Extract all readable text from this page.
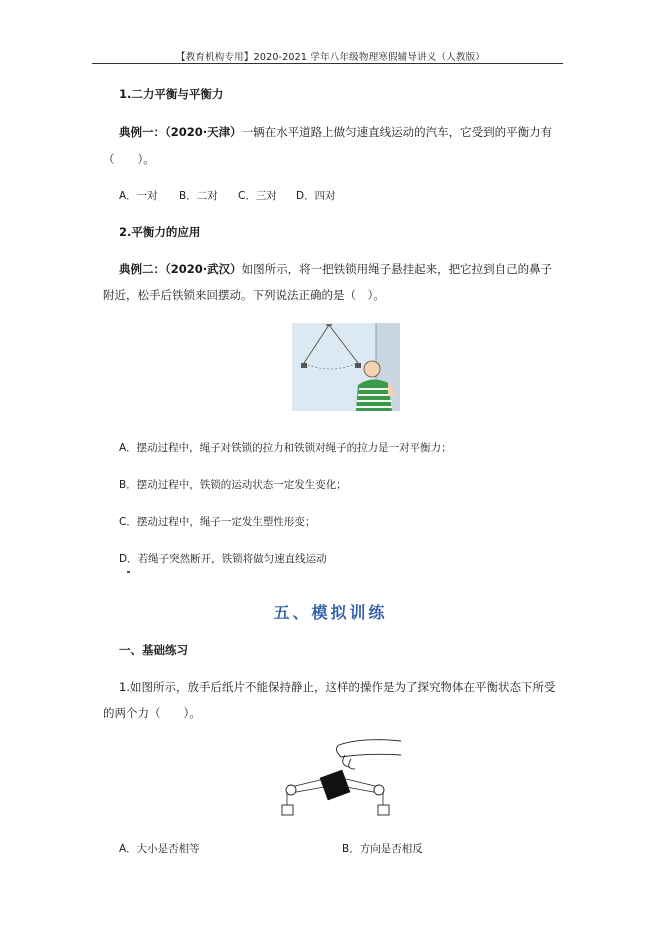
【教育机构专用】2020-2021 学年八年级物理寒假辅导讲义（人教版）
1.二力平衡与平衡力
典例一：（2020·天津）一辆在水平道路上做匀速直线运动的汽车，它受到的平衡力有
（　　）。
A．一对 B．二对 C．三对 D．四对
2.平衡力的应用
典例二：（2020·武汉）如图所示，将一把铁锁用绳子悬挂起来，把它拉到自己的鼻子
附近，松手后铁锁来回摆动。下列说法正确的是（　）。
A．摆动过程中，绳子对铁锁的拉力和铁锁对绳子的拉力是一对平衡力；
B．摆动过程中，铁锁的运动状态一定发生变化；
C．摆动过程中，绳子一定发生塑性形变；
D．若绳子突然断开，铁锁将做匀速直线运动
五、模拟训练
一、基础练习
1.如图所示，放手后纸片不能保持静止，这样的操作是为了探究物体在平衡状态下所受
的两个力（　　）。
A．大小是否相等	B．方向是否相反
